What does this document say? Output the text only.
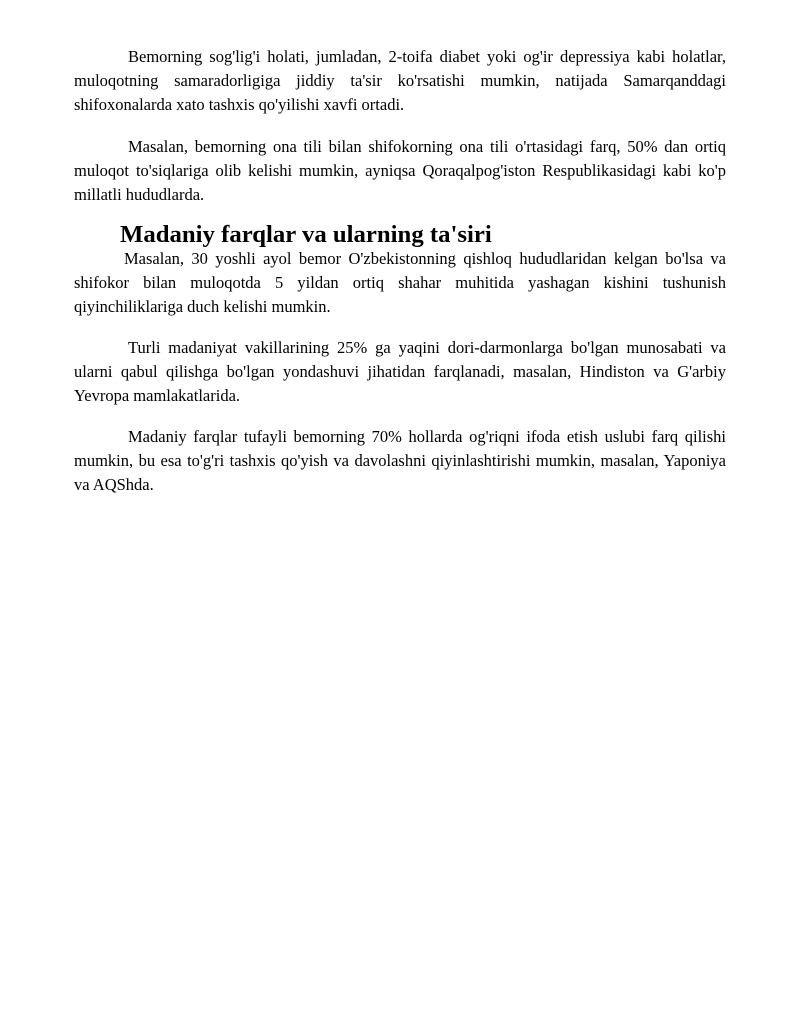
Bemorning sog'lig'i holati, jumladan, 2-toifa diabet yoki og'ir depressiya kabi holatlar, muloqotning samaradorligiga jiddiy ta'sir ko'rsatishi mumkin, natijada Samarqanddagi shifoxonalarda xato tashxis qo'yilishi xavfi ortadi.

Masalan, bemorning ona tili bilan shifokorning ona tili o'rtasidagi farq, 50% dan ortiq muloqot to'siqlariga olib kelishi mumkin, ayniqsa Qoraqalpog'iston Respublikasidagi kabi ko'p millatli hududlarda.

Madaniy farqlar va ularning ta'siri

Masalan, 30 yoshli ayol bemor O'zbekistonning qishloq hududlaridan kelgan bo'lsa va shifokor bilan muloqotda 5 yildan ortiq shahar muhitida yashagan kishini tushunish qiyinchiliklariga duch kelishi mumkin.

Turli madaniyat vakillarining 25% ga yaqini dori-darmonlarga bo'lgan munosabati va ularni qabul qilishga bo'lgan yondashuvi jihatidan farqlanadi, masalan, Hindiston va G'arbiy Yevropa mamlakatlarida.

Madaniy farqlar tufayli bemorning 70% hollarda og'riqni ifoda etish uslubi farq qilishi mumkin, bu esa to'g'ri tashxis qo'yish va davolashni qiyinlashtirishi mumkin, masalan, Yaponiya va AQShda.
